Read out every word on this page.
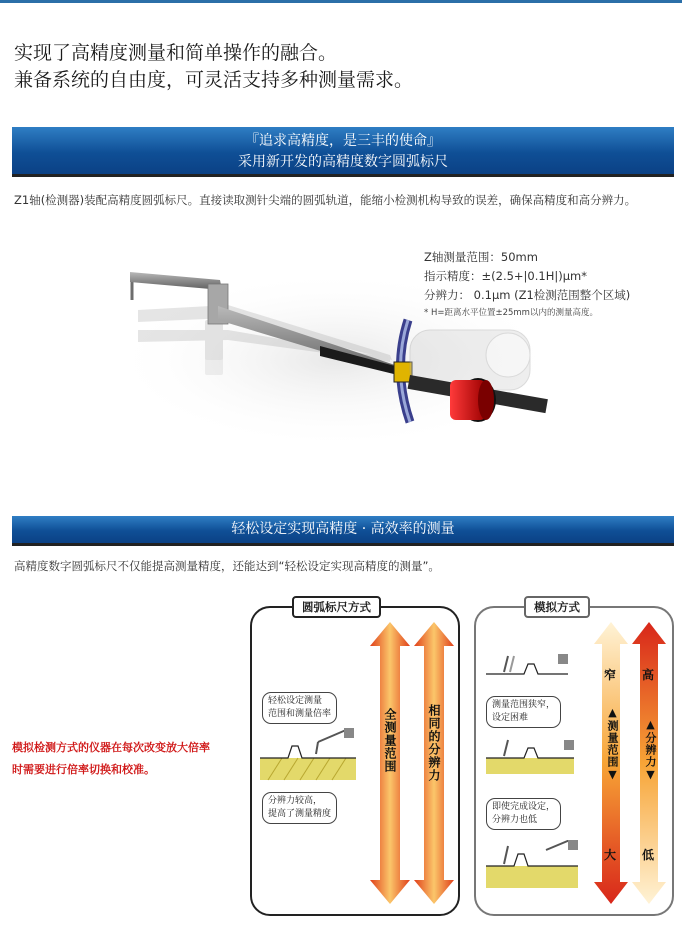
实现了高精度测量和简单操作的融合。
兼备系统的自由度，可灵活支持多种测量需求。
『追求高精度，是三丰的使命』
采用新开发的高精度数字圆弧标尺
Z1轴(检测器)装配高精度圆弧标尺。直接读取测针尖端的圆弧轨道，能缩小检测机构导致的误差，确保高精度和高分辨力。
Z轴测量范围：50mm
指示精度：±(2.5+|0.1H|)μm*
分辨力： 0.1μm (Z1检测范围整个区域)
* H=距离水平位置±25mm以内的测量高度。
轻松设定实现高精度 · 高效率的测量
高精度数字圆弧标尺不仅能提高测量精度，还能达到“轻松设定实现高精度的测量”。
模拟检测方式的仪器在每次改变放大倍率
时需要进行倍率切换和校准。
圆弧标尺方式
轻松设定测量
范围和测量倍率
分辨力较高，
提高了测量精度
全测量范围	相同的分辨力
模拟方式
测量范围狭窄，
设定困难
即使完成设定，
分辨力也低
窄
▲测量范围▼
大
高
▲分辨力▼
低
